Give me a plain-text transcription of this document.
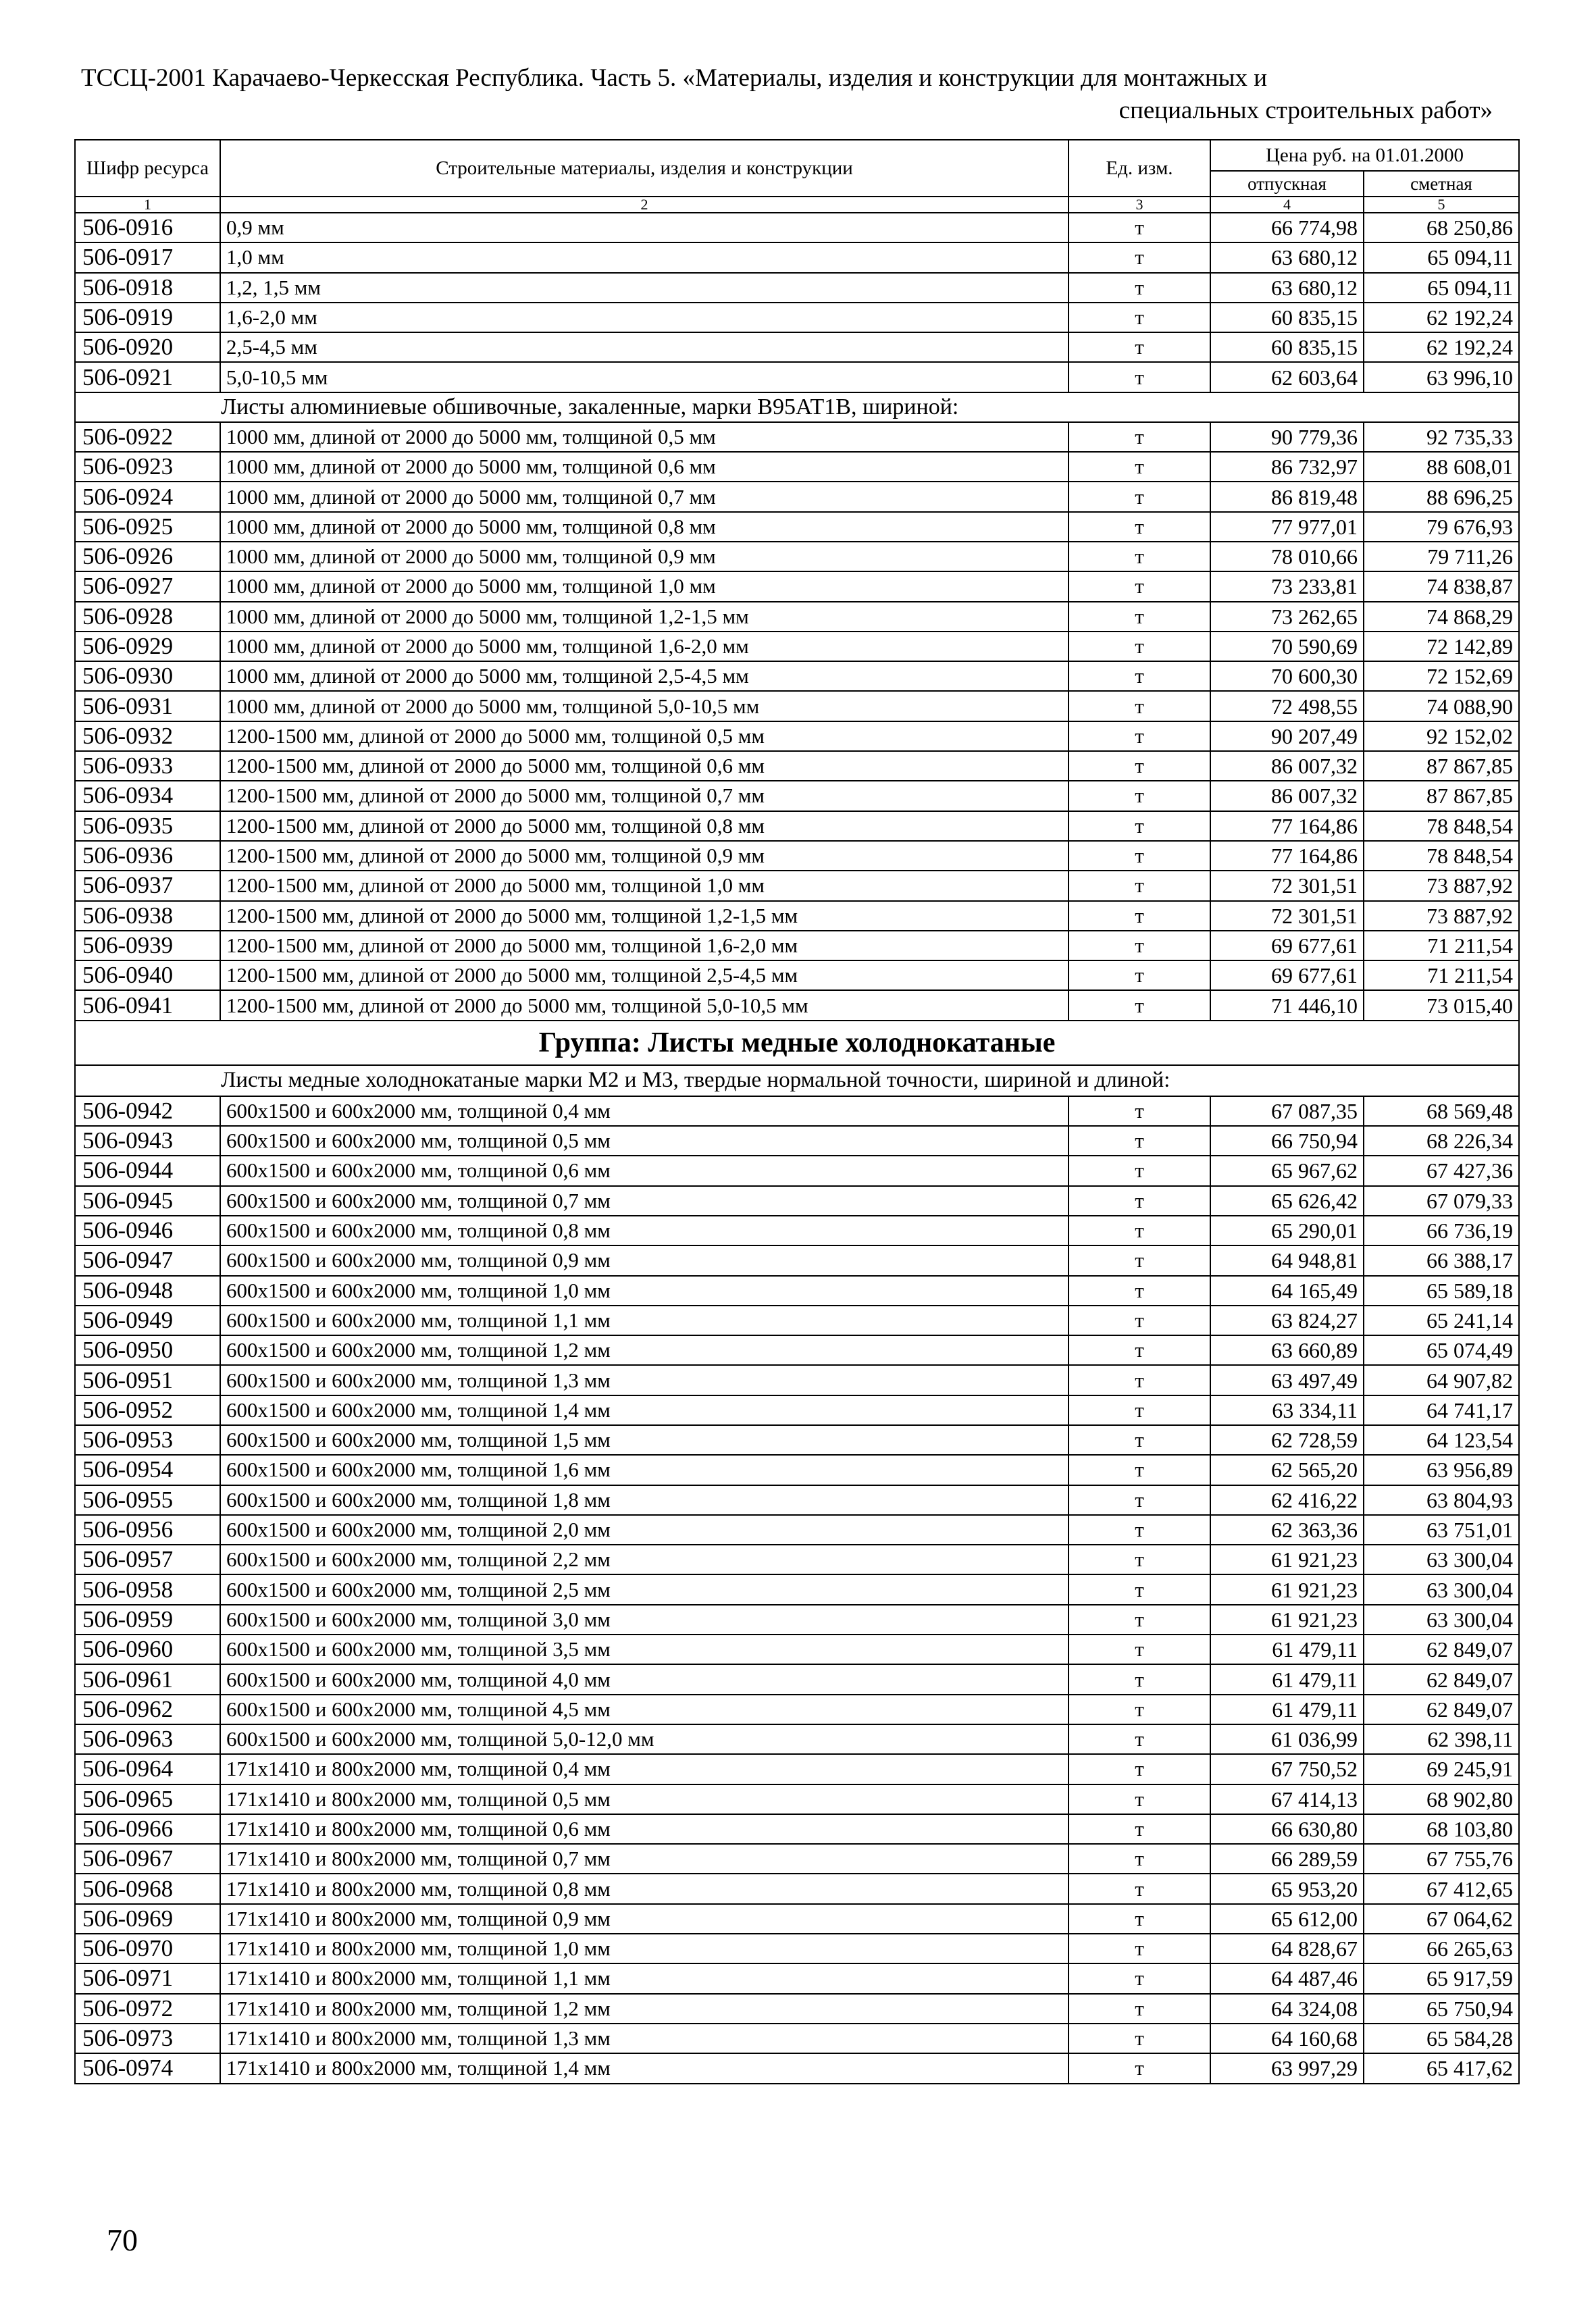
ТССЦ-2001 Карачаево-Черкесская Республика. Часть 5. «Материалы, изделия и конструкции для монтажных и
специальных строительных работ»
Шифр ресурса	Строительные материалы, изделия и конструкции	Ед. изм.	Цена руб. на 01.01.2000	
			отпускная	сметная
1	2	3	4	5
506-0916	0,9 мм	т	66 774,98	68 250,86
506-0917	1,0 мм	т	63 680,12	65 094,11
506-0918	1,2, 1,5 мм	т	63 680,12	65 094,11
506-0919	1,6-2,0 мм	т	60 835,15	62 192,24
506-0920	2,5-4,5 мм	т	60 835,15	62 192,24
506-0921	5,0-10,5 мм	т	62 603,64	63 996,10
Листы алюминиевые обшивочные, закаленные, марки В95АТ1В, шириной:				
506-0922	1000 мм, длиной от 2000 до 5000 мм, толщиной 0,5 мм	т	90 779,36	92 735,33
506-0923	1000 мм, длиной от 2000 до 5000 мм, толщиной 0,6 мм	т	86 732,97	88 608,01
506-0924	1000 мм, длиной от 2000 до 5000 мм, толщиной 0,7 мм	т	86 819,48	88 696,25
506-0925	1000 мм, длиной от 2000 до 5000 мм, толщиной 0,8 мм	т	77 977,01	79 676,93
506-0926	1000 мм, длиной от 2000 до 5000 мм, толщиной 0,9 мм	т	78 010,66	79 711,26
506-0927	1000 мм, длиной от 2000 до 5000 мм, толщиной 1,0 мм	т	73 233,81	74 838,87
506-0928	1000 мм, длиной от 2000 до 5000 мм, толщиной 1,2-1,5 мм	т	73 262,65	74 868,29
506-0929	1000 мм, длиной от 2000 до 5000 мм, толщиной 1,6-2,0 мм	т	70 590,69	72 142,89
506-0930	1000 мм, длиной от 2000 до 5000 мм, толщиной 2,5-4,5 мм	т	70 600,30	72 152,69
506-0931	1000 мм, длиной от 2000 до 5000 мм, толщиной 5,0-10,5 мм	т	72 498,55	74 088,90
506-0932	1200-1500 мм, длиной от 2000 до 5000 мм, толщиной 0,5 мм	т	90 207,49	92 152,02
506-0933	1200-1500 мм, длиной от 2000 до 5000 мм, толщиной 0,6 мм	т	86 007,32	87 867,85
506-0934	1200-1500 мм, длиной от 2000 до 5000 мм, толщиной 0,7 мм	т	86 007,32	87 867,85
506-0935	1200-1500 мм, длиной от 2000 до 5000 мм, толщиной 0,8 мм	т	77 164,86	78 848,54
506-0936	1200-1500 мм, длиной от 2000 до 5000 мм, толщиной 0,9 мм	т	77 164,86	78 848,54
506-0937	1200-1500 мм, длиной от 2000 до 5000 мм, толщиной 1,0 мм	т	72 301,51	73 887,92
506-0938	1200-1500 мм, длиной от 2000 до 5000 мм, толщиной 1,2-1,5 мм	т	72 301,51	73 887,92
506-0939	1200-1500 мм, длиной от 2000 до 5000 мм, толщиной 1,6-2,0 мм	т	69 677,61	71 211,54
506-0940	1200-1500 мм, длиной от 2000 до 5000 мм, толщиной 2,5-4,5 мм	т	69 677,61	71 211,54
506-0941	1200-1500 мм, длиной от 2000 до 5000 мм, толщиной 5,0-10,5 мм	т	71 446,10	73 015,40
Группа: Листы медные холоднокатаные				
Листы медные холоднокатаные марки М2 и М3, твердые нормальной точности, шириной и длиной:				
506-0942	600х1500 и 600х2000 мм, толщиной 0,4 мм	т	67 087,35	68 569,48
506-0943	600х1500 и 600х2000 мм, толщиной 0,5 мм	т	66 750,94	68 226,34
506-0944	600х1500 и 600х2000 мм, толщиной 0,6 мм	т	65 967,62	67 427,36
506-0945	600х1500 и 600х2000 мм, толщиной 0,7 мм	т	65 626,42	67 079,33
506-0946	600х1500 и 600х2000 мм, толщиной 0,8 мм	т	65 290,01	66 736,19
506-0947	600х1500 и 600х2000 мм, толщиной 0,9 мм	т	64 948,81	66 388,17
506-0948	600х1500 и 600х2000 мм, толщиной 1,0 мм	т	64 165,49	65 589,18
506-0949	600х1500 и 600х2000 мм, толщиной 1,1 мм	т	63 824,27	65 241,14
506-0950	600х1500 и 600х2000 мм, толщиной 1,2 мм	т	63 660,89	65 074,49
506-0951	600х1500 и 600х2000 мм, толщиной 1,3 мм	т	63 497,49	64 907,82
506-0952	600х1500 и 600х2000 мм, толщиной 1,4 мм	т	63 334,11	64 741,17
506-0953	600х1500 и 600х2000 мм, толщиной 1,5 мм	т	62 728,59	64 123,54
506-0954	600х1500 и 600х2000 мм, толщиной 1,6 мм	т	62 565,20	63 956,89
506-0955	600х1500 и 600х2000 мм, толщиной 1,8 мм	т	62 416,22	63 804,93
506-0956	600х1500 и 600х2000 мм, толщиной 2,0 мм	т	62 363,36	63 751,01
506-0957	600х1500 и 600х2000 мм, толщиной 2,2 мм	т	61 921,23	63 300,04
506-0958	600х1500 и 600х2000 мм, толщиной 2,5 мм	т	61 921,23	63 300,04
506-0959	600х1500 и 600х2000 мм, толщиной 3,0 мм	т	61 921,23	63 300,04
506-0960	600х1500 и 600х2000 мм, толщиной 3,5 мм	т	61 479,11	62 849,07
506-0961	600х1500 и 600х2000 мм, толщиной 4,0 мм	т	61 479,11	62 849,07
506-0962	600х1500 и 600х2000 мм, толщиной 4,5 мм	т	61 479,11	62 849,07
506-0963	600х1500 и 600х2000 мм, толщиной 5,0-12,0 мм	т	61 036,99	62 398,11
506-0964	171х1410 и 800х2000 мм, толщиной 0,4 мм	т	67 750,52	69 245,91
506-0965	171х1410 и 800х2000 мм, толщиной 0,5 мм	т	67 414,13	68 902,80
506-0966	171х1410 и 800х2000 мм, толщиной 0,6 мм	т	66 630,80	68 103,80
506-0967	171х1410 и 800х2000 мм, толщиной 0,7 мм	т	66 289,59	67 755,76
506-0968	171х1410 и 800х2000 мм, толщиной 0,8 мм	т	65 953,20	67 412,65
506-0969	171х1410 и 800х2000 мм, толщиной 0,9 мм	т	65 612,00	67 064,62
506-0970	171х1410 и 800х2000 мм, толщиной 1,0 мм	т	64 828,67	66 265,63
506-0971	171х1410 и 800х2000 мм, толщиной 1,1 мм	т	64 487,46	65 917,59
506-0972	171х1410 и 800х2000 мм, толщиной 1,2 мм	т	64 324,08	65 750,94
506-0973	171х1410 и 800х2000 мм, толщиной 1,3 мм	т	64 160,68	65 584,28
506-0974	171х1410 и 800х2000 мм, толщиной 1,4 мм	т	63 997,29	65 417,62
70
